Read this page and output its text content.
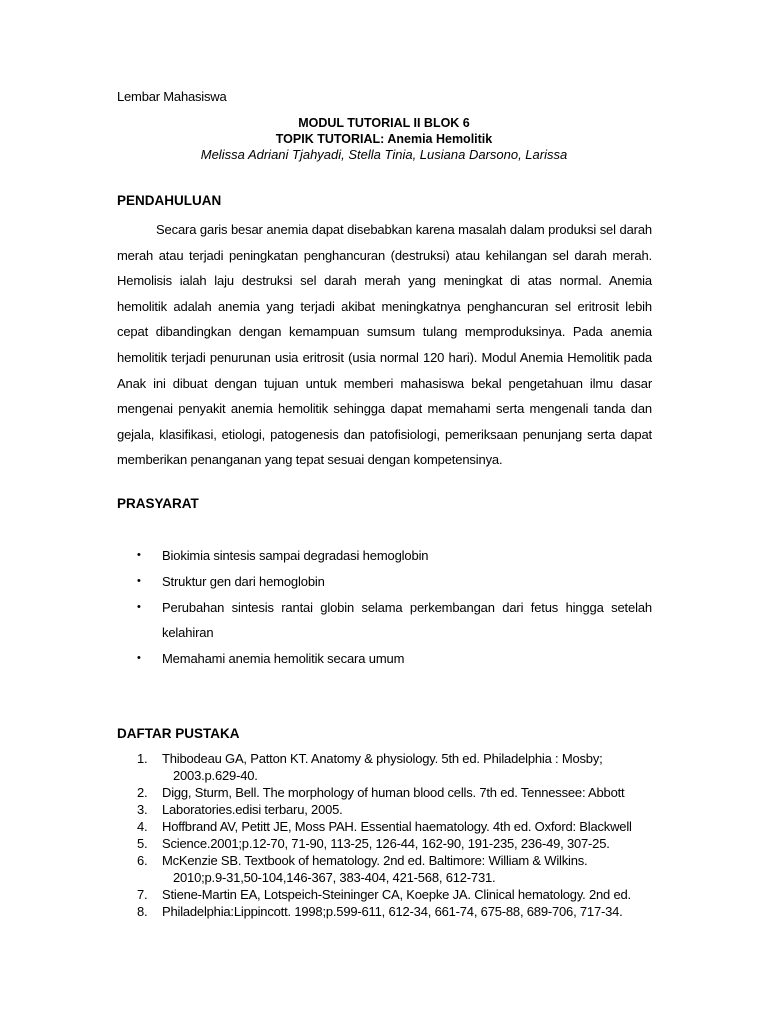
Lembar Mahasiswa
MODUL TUTORIAL II BLOK 6
TOPIK TUTORIAL: Anemia Hemolitik
Melissa Adriani Tjahyadi, Stella Tinia, Lusiana Darsono, Larissa
PENDAHULUAN

Secara garis besar anemia dapat disebabkan karena masalah dalam produksi sel darah merah atau terjadi peningkatan penghancuran (destruksi) atau kehilangan sel darah merah. Hemolisis ialah laju destruksi sel darah merah yang meningkat di atas normal. Anemia hemolitik adalah anemia yang terjadi akibat meningkatnya penghancuran sel eritrosit lebih cepat dibandingkan dengan kemampuan sumsum tulang memproduksinya. Pada anemia hemolitik terjadi penurunan usia eritrosit (usia normal 120 hari). Modul Anemia Hemolitik pada Anak ini dibuat dengan tujuan untuk memberi mahasiswa bekal pengetahuan ilmu dasar mengenai penyakit anemia hemolitik sehingga dapat memahami serta mengenali tanda dan gejala, klasifikasi, etiologi, patogenesis dan patofisiologi, pemeriksaan penunjang serta dapat memberikan penanganan yang tepat sesuai dengan kompetensinya.

PRASYARAT
• Biokimia sintesis sampai degradasi hemoglobin
• Struktur gen dari hemoglobin
• Perubahan sintesis rantai globin selama perkembangan dari fetus hingga setelah kelahiran
• Memahami anemia hemolitik secara umum
DAFTAR PUSTAKA
1. Thibodeau GA, Patton KT. Anatomy & physiology. 5th ed. Philadelphia : Mosby;
2003.p.629-40.
2. Digg, Sturm, Bell. The morphology of human blood cells. 7th ed. Tennessee: Abbott
3. Laboratories.edisi terbaru, 2005.
4. Hoffbrand AV, Petitt JE, Moss PAH. Essential haematology. 4th ed. Oxford: Blackwell
5. Science.2001;p.12-70, 71-90, 113-25, 126-44, 162-90, 191-235, 236-49, 307-25.
6. McKenzie SB. Textbook of hematology. 2nd ed. Baltimore: William & Wilkins.
2010;p.9-31,50-104,146-367, 383-404, 421-568, 612-731.
7. Stiene-Martin EA, Lotspeich-Steininger CA, Koepke JA. Clinical hematology. 2nd ed.
8. Philadelphia:Lippincott. 1998;p.599-611, 612-34, 661-74, 675-88, 689-706, 717-34.
